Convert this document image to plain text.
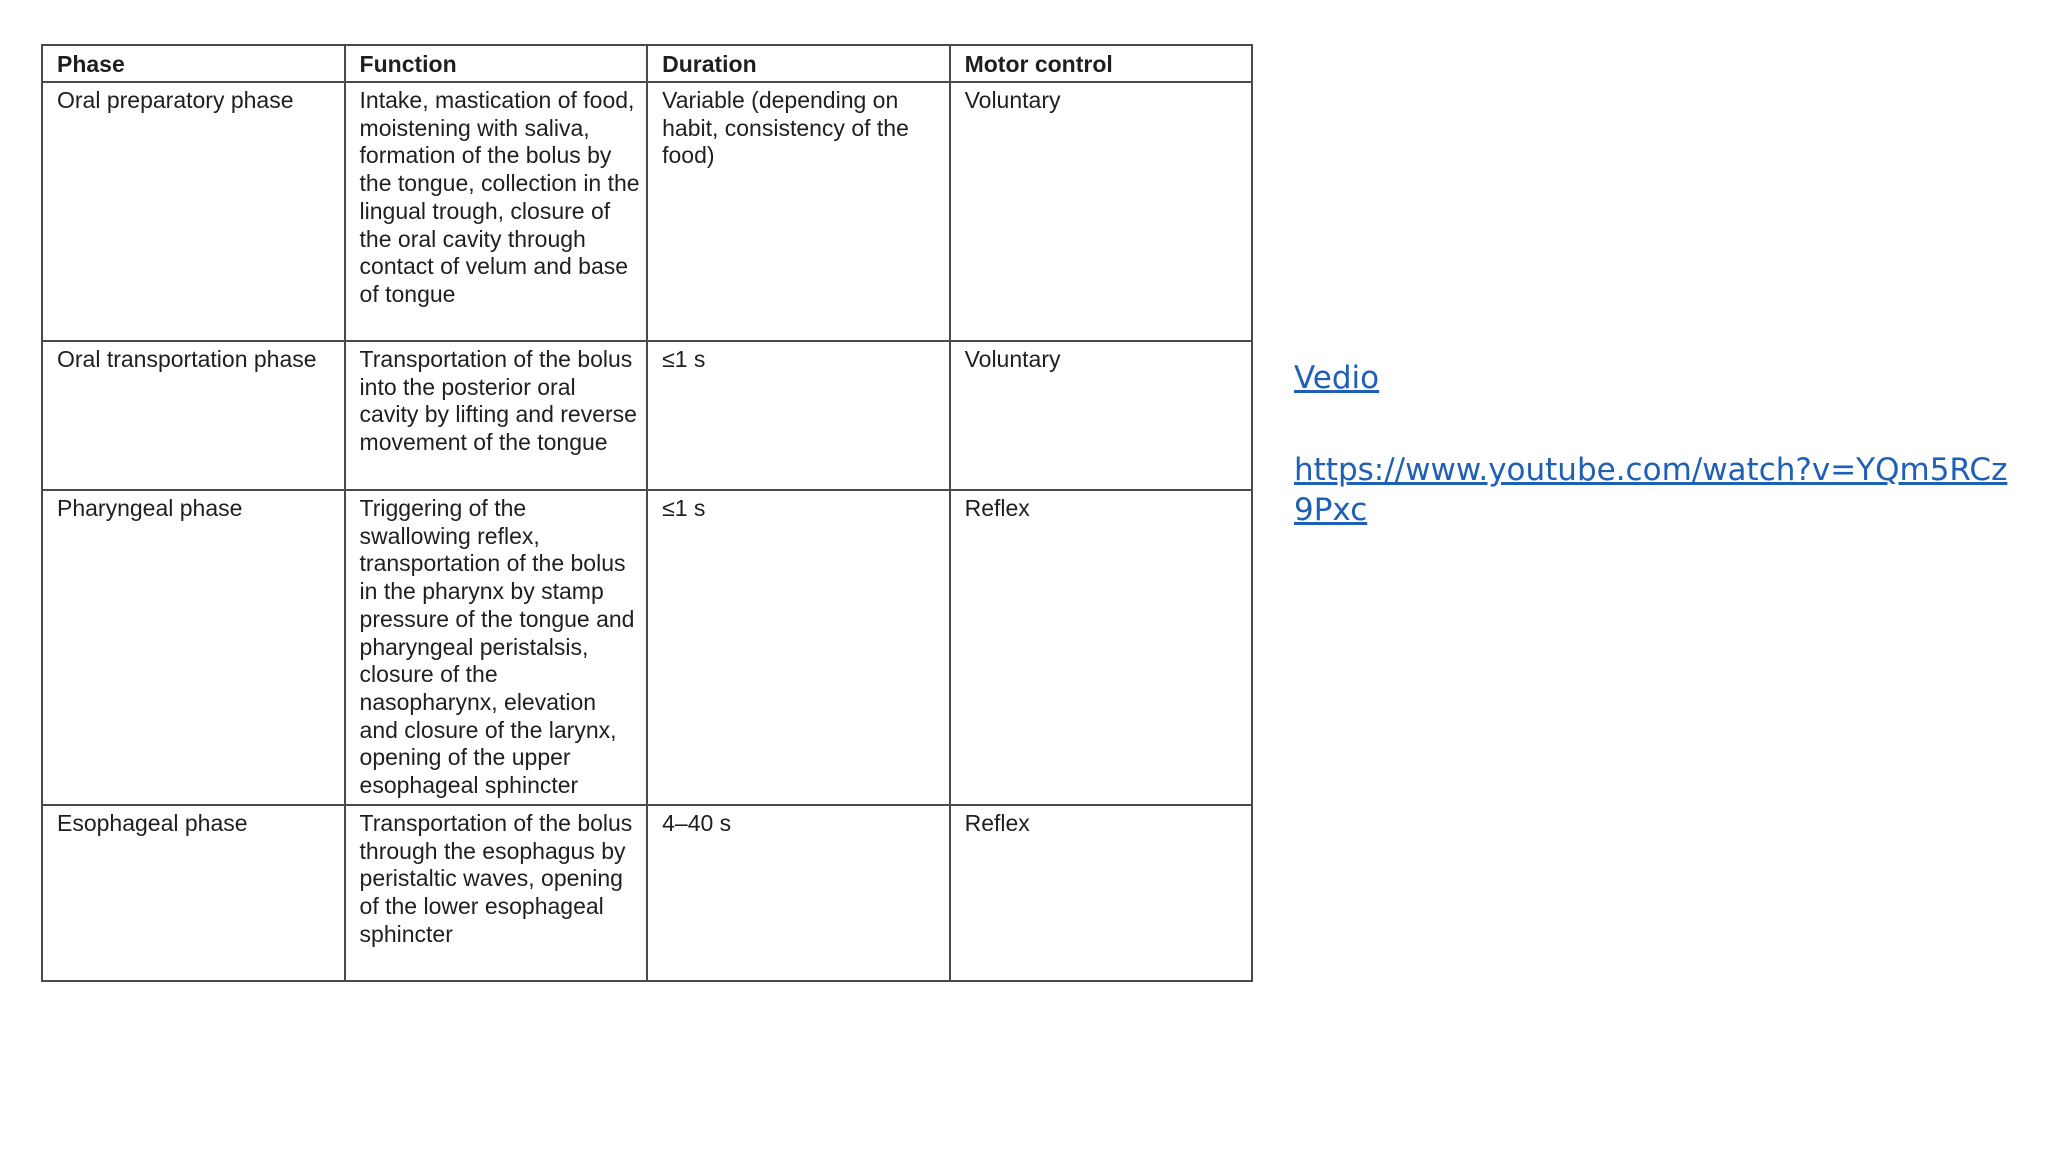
Phase	Function	Duration	Motor control
Oral preparatory phase	Intake, mastication of food, moistening with saliva, formation of the bolus by the tongue, collection in the lingual trough, closure of the oral cavity through contact of velum and base of tongue	Variable (depending on habit, consistency of the food)	Voluntary
Oral transportation phase	Transportation of the bolus into the posterior oral cavity by lifting and reverse movement of the tongue	≤1 s	Voluntary
Pharyngeal phase	Triggering of the swallowing reflex, transportation of the bolus in the pharynx by stamp pressure of the tongue and pharyngeal peristalsis, closure of the nasopharynx, elevation and closure of the larynx, opening of the upper esophageal sphincter	≤1 s	Reflex
Esophageal phase	Transportation of the bolus through the esophagus by peristaltic waves, opening of the lower esophageal sphincter	4–40 s	Reflex
Vedio
https://www.youtube.com/watch?v=YQm5RCz9Pxc
